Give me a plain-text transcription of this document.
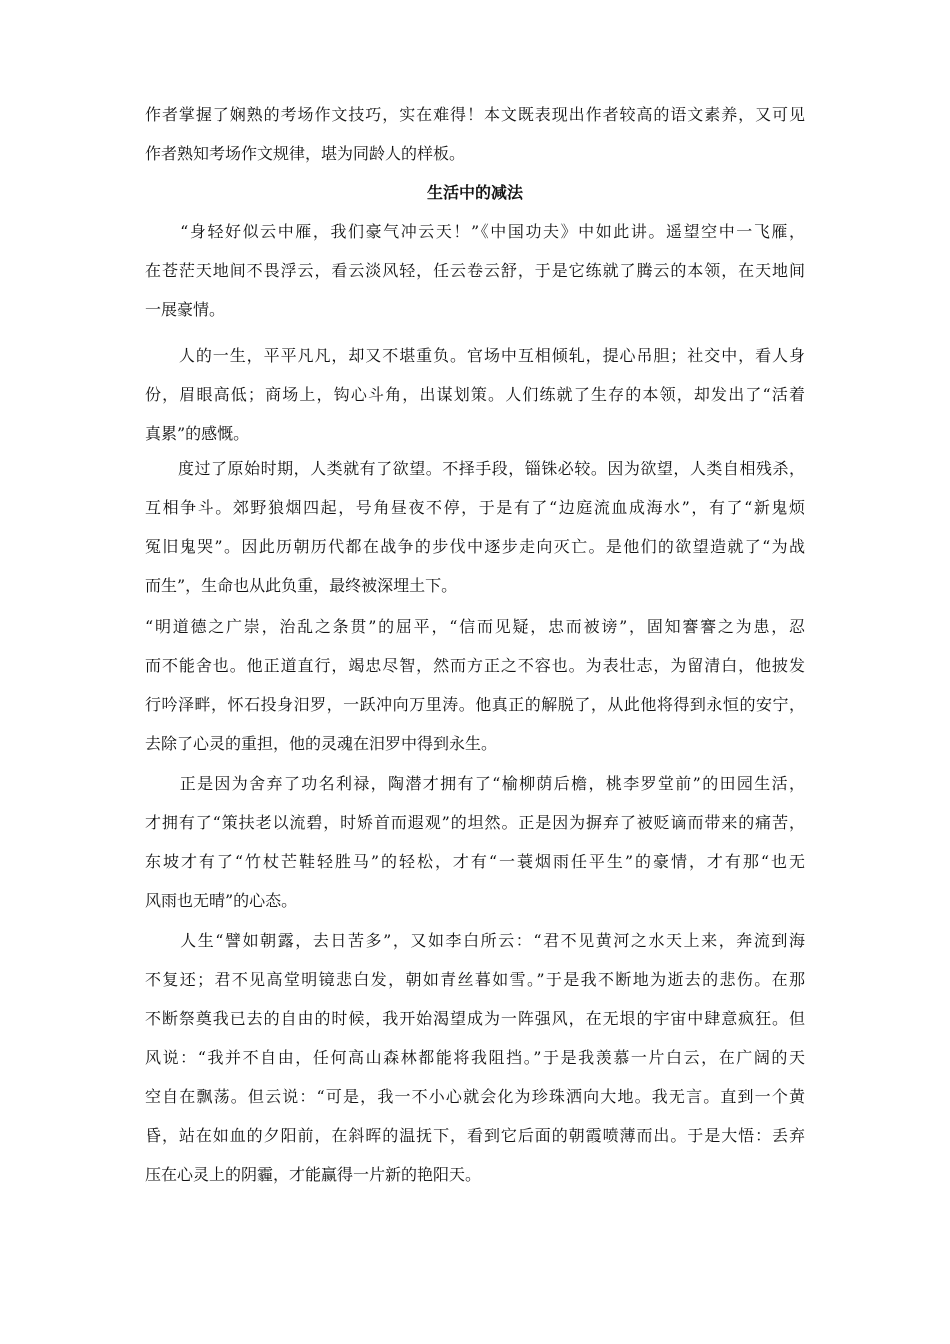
作者掌握了娴熟的考场作文技巧，实在难得！本文既表现出作者较高的语文素养，又可见
作者熟知考场作文规律，堪为同龄人的样板。
生活中的减法
　　“身轻好似云中雁，我们豪气冲云天！”《中国功夫》中如此讲。遥望空中一飞雁，
在苍茫天地间不畏浮云，看云淡风轻，任云卷云舒，于是它练就了腾云的本领，在天地间
一展豪情。
　　人的一生，平平凡凡，却又不堪重负。官场中互相倾轧，提心吊胆；社交中，看人身
份，眉眼高低；商场上，钩心斗角，出谋划策。人们练就了生存的本领，却发出了“活着
真累”的感慨。
　　度过了原始时期，人类就有了欲望。不择手段，锱铢必较。因为欲望，人类自相残杀，
互相争斗。郊野狼烟四起，号角昼夜不停，于是有了“边庭流血成海水”，有了“新鬼烦
冤旧鬼哭”。因此历朝历代都在战争的步伐中逐步走向灭亡。是他们的欲望造就了“为战
而生”，生命也从此负重，最终被深埋土下。
“明道德之广崇，治乱之条贯”的屈平，“信而见疑，忠而被谤”，固知謇謇之为患，忍
而不能舍也。他正道直行，竭忠尽智，然而方正之不容也。为表壮志，为留清白，他披发
行吟泽畔，怀石投身汨罗，一跃冲向万里涛。他真正的解脱了，从此他将得到永恒的安宁，
去除了心灵的重担，他的灵魂在汨罗中得到永生。
　　正是因为舍弃了功名利禄，陶潜才拥有了“榆柳荫后檐，桃李罗堂前”的田园生活，
才拥有了“策扶老以流碧，时矫首而遐观”的坦然。正是因为摒弃了被贬谪而带来的痛苦，
东坡才有了“竹杖芒鞋轻胜马”的轻松，才有“一蓑烟雨任平生”的豪情，才有那“也无
风雨也无晴”的心态。
　　人生“譬如朝露，去日苦多”，又如李白所云：“君不见黄河之水天上来，奔流到海
不复还；君不见高堂明镜悲白发，朝如青丝暮如雪。”于是我不断地为逝去的悲伤。在那
不断祭奠我已去的自由的时候，我开始渴望成为一阵强风，在无垠的宇宙中肆意疯狂。但
风说：“我并不自由，任何高山森林都能将我阻挡。”于是我羡慕一片白云，在广阔的天
空自在飘荡。但云说：“可是，我一不小心就会化为珍珠洒向大地。我无言。直到一个黄
昏，站在如血的夕阳前，在斜晖的温抚下，看到它后面的朝霞喷薄而出。于是大悟：丢弃
压在心灵上的阴霾，才能赢得一片新的艳阳天。
